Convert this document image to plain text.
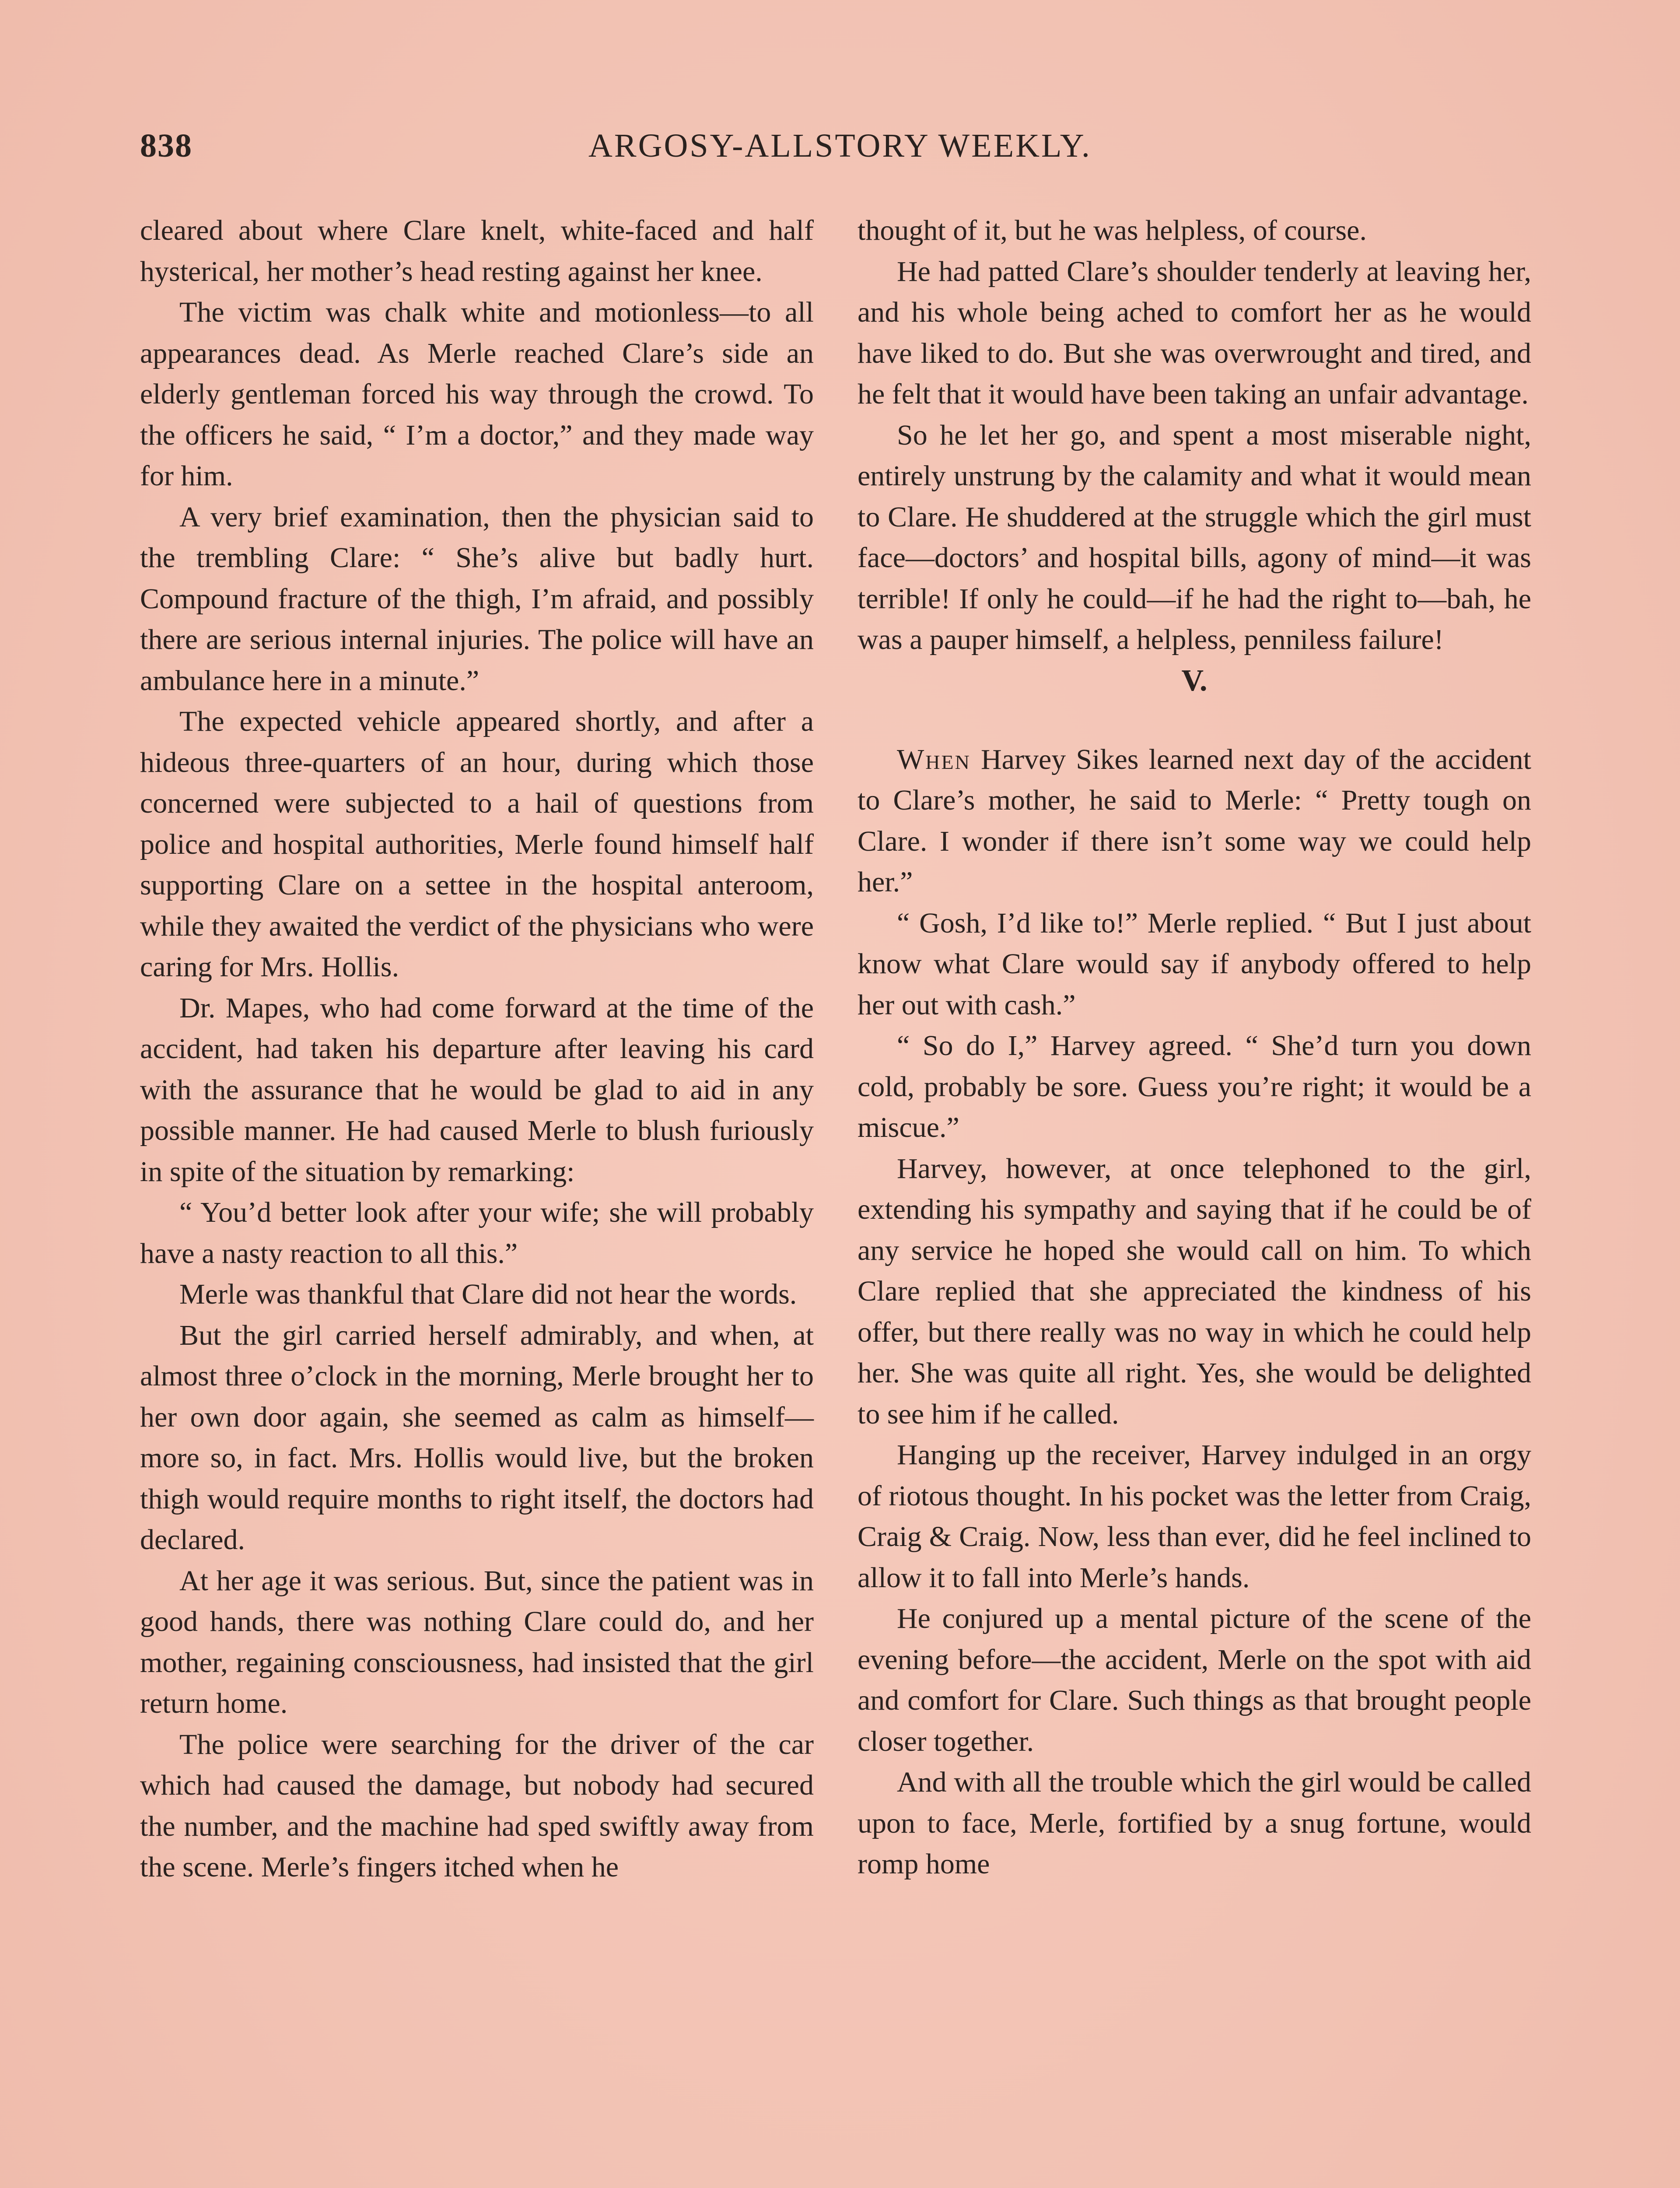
838	ARGOSY-ALLSTORY WEEKLY.

cleared about where Clare knelt, white-faced and half hysterical, her mother’s head resting against her knee.

The victim was chalk white and motionless—to all appearances dead. As Merle reached Clare’s side an elderly gentleman forced his way through the crowd. To the officers he said, “ I’m a doctor,” and they made way for him.

A very brief examination, then the physician said to the trembling Clare: “ She’s alive but badly hurt. Compound fracture of the thigh, I’m afraid, and possibly there are serious internal injuries. The police will have an ambulance here in a minute.”

The expected vehicle appeared shortly, and after a hideous three-quarters of an hour, during which those concerned were subjected to a hail of questions from police and hospital authorities, Merle found himself half supporting Clare on a settee in the hospital anteroom, while they awaited the verdict of the physicians who were caring for Mrs. Hollis.

Dr. Mapes, who had come forward at the time of the accident, had taken his departure after leaving his card with the assurance that he would be glad to aid in any possible manner. He had caused Merle to blush furiously in spite of the situation by remarking:

“ You’d better look after your wife; she will probably have a nasty reaction to all this.”

Merle was thankful that Clare did not hear the words.

But the girl carried herself admirably, and when, at almost three o’clock in the morning, Merle brought her to her own door again, she seemed as calm as himself—more so, in fact. Mrs. Hollis would live, but the broken thigh would require months to right itself, the doctors had declared.

At her age it was serious. But, since the patient was in good hands, there was nothing Clare could do, and her mother, regaining consciousness, had insisted that the girl return home.

The police were searching for the driver of the car which had caused the damage, but nobody had secured the number, and the machine had sped swiftly away from the scene. Merle’s fingers itched when he

thought of it, but he was helpless, of course.

He had patted Clare’s shoulder tenderly at leaving her, and his whole being ached to comfort her as he would have liked to do. But she was overwrought and tired, and he felt that it would have been taking an unfair advantage.

So he let her go, and spent a most miserable night, entirely unstrung by the calamity and what it would mean to Clare. He shuddered at the struggle which the girl must face—doctors’ and hospital bills, agony of mind—it was terrible! If only he could—if he had the right to—bah, he was a pauper himself, a helpless, penniless failure!

V.

When Harvey Sikes learned next day of the accident to Clare’s mother, he said to Merle: “ Pretty tough on Clare. I wonder if there isn’t some way we could help her.”

“ Gosh, I’d like to!” Merle replied. “ But I just about know what Clare would say if anybody offered to help her out with cash.”

“ So do I,” Harvey agreed. “ She’d turn you down cold, probably be sore. Guess you’re right; it would be a miscue.”

Harvey, however, at once telephoned to the girl, extending his sympathy and saying that if he could be of any service he hoped she would call on him. To which Clare replied that she appreciated the kindness of his offer, but there really was no way in which he could help her. She was quite all right. Yes, she would be delighted to see him if he called.

Hanging up the receiver, Harvey indulged in an orgy of riotous thought. In his pocket was the letter from Craig, Craig & Craig. Now, less than ever, did he feel inclined to allow it to fall into Merle’s hands.

He conjured up a mental picture of the scene of the evening before—the accident, Merle on the spot with aid and comfort for Clare. Such things as that brought people closer together.

And with all the trouble which the girl would be called upon to face, Merle, fortified by a snug fortune, would romp home
